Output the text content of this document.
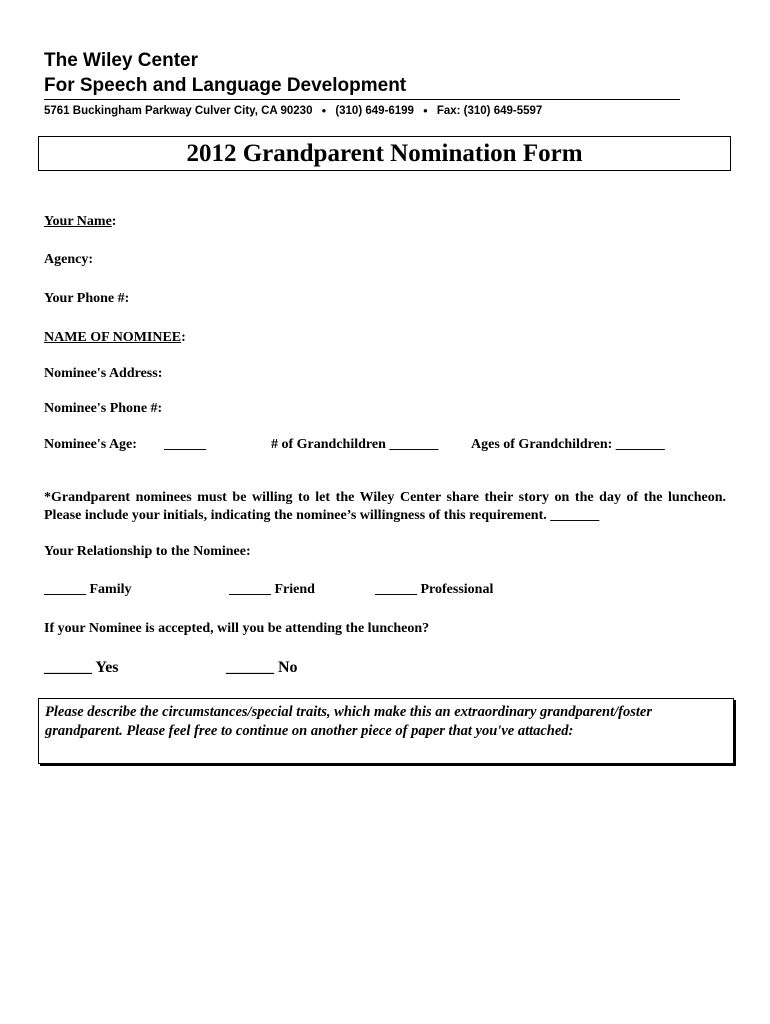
The Wiley Center
For Speech and Language Development
5761 Buckingham Parkway Culver City, CA 90230 ● (310) 649-6199 ● Fax: (310) 649-5597
2012 Grandparent Nomination Form
Your Name:
Agency:
Your Phone #:
NAME OF NOMINEE:
Nominee's Address:
Nominee's Phone #:
Nominee's Age: ______	# of Grandchildren _______ Ages of Grandchildren: _______
*Grandparent nominees must be willing to let the Wiley Center share their story on the day of the luncheon. Please include your initials, indicating the nominee’s willingness of this requirement. _______
Your Relationship to the Nominee:
______ Family	______ Friend	______ Professional
If your Nominee is accepted, will you be attending the luncheon?
______ Yes	______ No
Please describe the circumstances/special traits, which make this an extraordinary grandparent/foster grandparent. Please feel free to continue on another piece of paper that you've attached:
